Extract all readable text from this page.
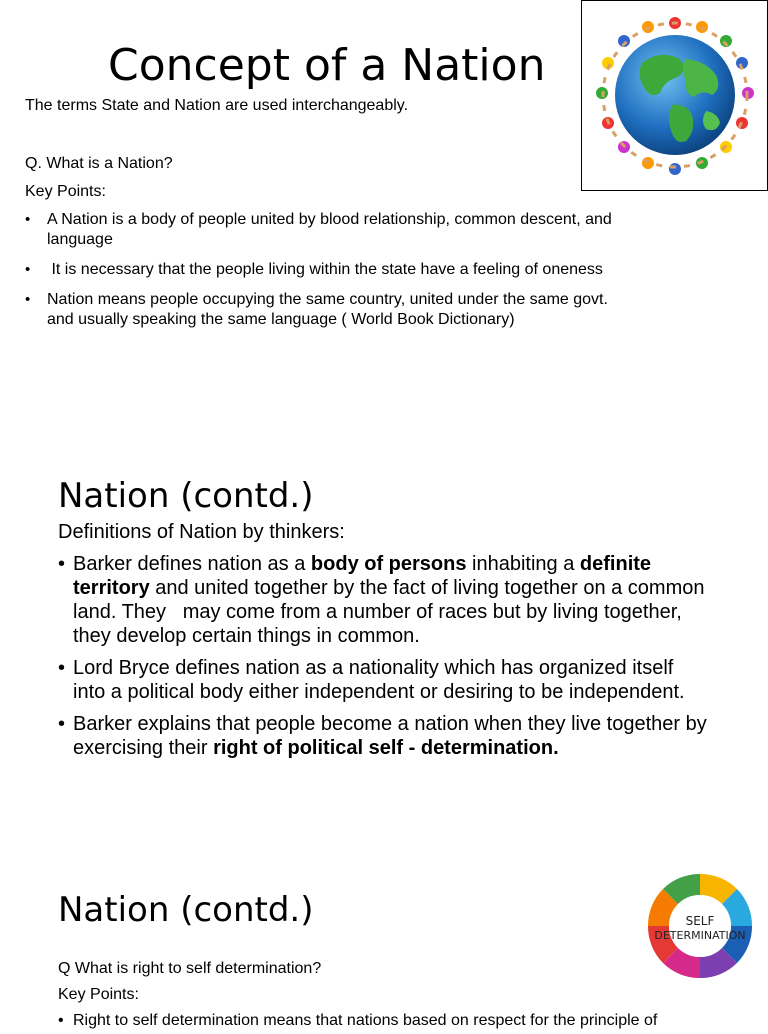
Concept of a Nation

The terms State and Nation are used interchangeably.

Q. What is a Nation?

Key Points:

• A Nation is a body of people united by blood relationship, common descent, and language
• It is necessary that the people living within the state have a feeling of oneness
• Nation means people occupying the same country, united under the same govt. and usually speaking the same language ( World Book Dictionary)
Nation (contd.)

Definitions of Nation by thinkers:

• Barker defines nation as a body of persons inhabiting a definite territory and united together by the fact of living together on a common land. They   may come from a number of races but by living together, they develop certain things in common.
• Lord Bryce defines nation as a nationality which has organized itself into a political body either independent or desiring to be independent.
• Barker explains that people become a nation when they live together by exercising their right of political self - determination.
Nation (contd.)

Q What is right to self determination?

Key Points:

• Right to self determination means that nations based on respect for the principle of
SELF
DETERMINATION
